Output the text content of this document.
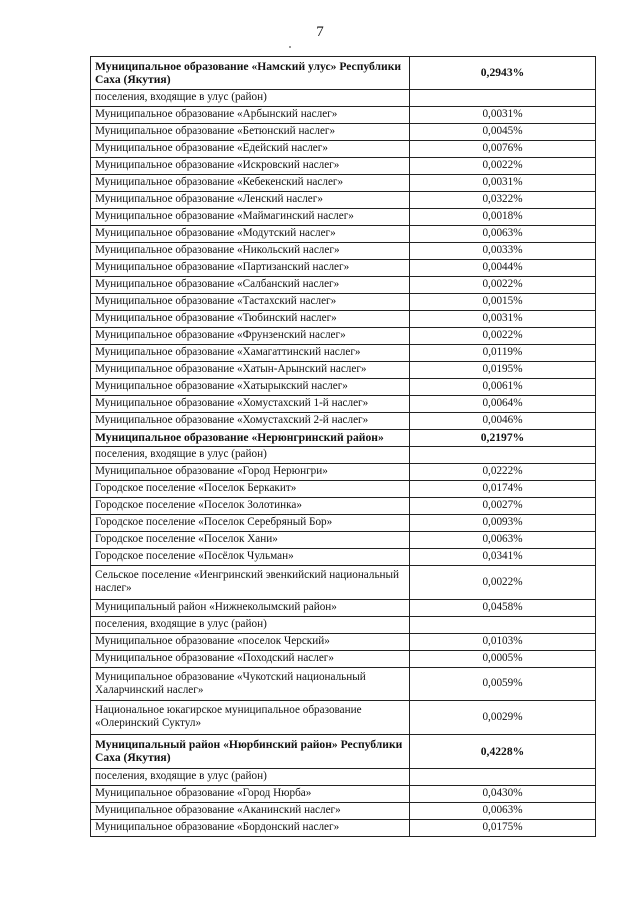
7
Муниципальное образование «Намский улус» Республики Саха (Якутия)	0,2943%
поселения, входящие в улус (район)	
Муниципальное образование «Арбынский наслег»	0,0031%
Муниципальное образование «Бетюнский наслег»	0,0045%
Муниципальное образование «Едейский наслег»	0,0076%
Муниципальное образование «Искровский наслег»	0,0022%
Муниципальное образование «Кебекенский наслег»	0,0031%
Муниципальное образование «Ленский наслег»	0,0322%
Муниципальное образование «Маймагинский наслег»	0,0018%
Муниципальное образование «Модутский наслег»	0,0063%
Муниципальное образование «Никольский наслег»	0,0033%
Муниципальное образование «Партизанский наслег»	0,0044%
Муниципальное образование «Салбанский наслег»	0,0022%
Муниципальное образование «Тастахский наслег»	0,0015%
Муниципальное образование «Тюбинский наслег»	0,0031%
Муниципальное образование «Фрунзенский наслег»	0,0022%
Муниципальное образование «Хамагаттинский наслег»	0,0119%
Муниципальное образование «Хатын-Арынский наслег»	0,0195%
Муниципальное образование «Хатырыкский наслег»	0,0061%
Муниципальное образование «Хомустахский 1-й наслег»	0,0064%
Муниципальное образование «Хомустахский 2-й наслег»	0,0046%
Муниципальное образование «Нерюнгринский район»	0,2197%
поселения, входящие в улус (район)	
Муниципальное образование «Город Нерюнгри»	0,0222%
Городское поселение «Поселок Беркакит»	0,0174%
Городское поселение «Поселок Золотинка»	0,0027%
Городское поселение «Поселок Серебряный Бор»	0,0093%
Городское поселение «Поселок Хани»	0,0063%
Городское поселение «Посёлок Чульман»	0,0341%
Сельское поселение «Иенгринский эвенкийский национальный наслег»	0,0022%
Муниципальный район «Нижнеколымский район»	0,0458%
поселения, входящие в улус (район)	
Муниципальное образование «поселок Черский»	0,0103%
Муниципальное образование «Походский наслег»	0,0005%
Муниципальное образование «Чукотский национальный Халарчинский наслег»	0,0059%
Национальное юкагирское муниципальное образование «Олеринский Суктул»	0,0029%
Муниципальный район «Нюрбинский район» Республики Саха (Якутия)	0,4228%
поселения, входящие в улус (район)	
Муниципальное образование «Город Нюрба»	0,0430%
Муниципальное образование «Аканинский наслег»	0,0063%
Муниципальное образование «Бордонский наслег»	0,0175%
